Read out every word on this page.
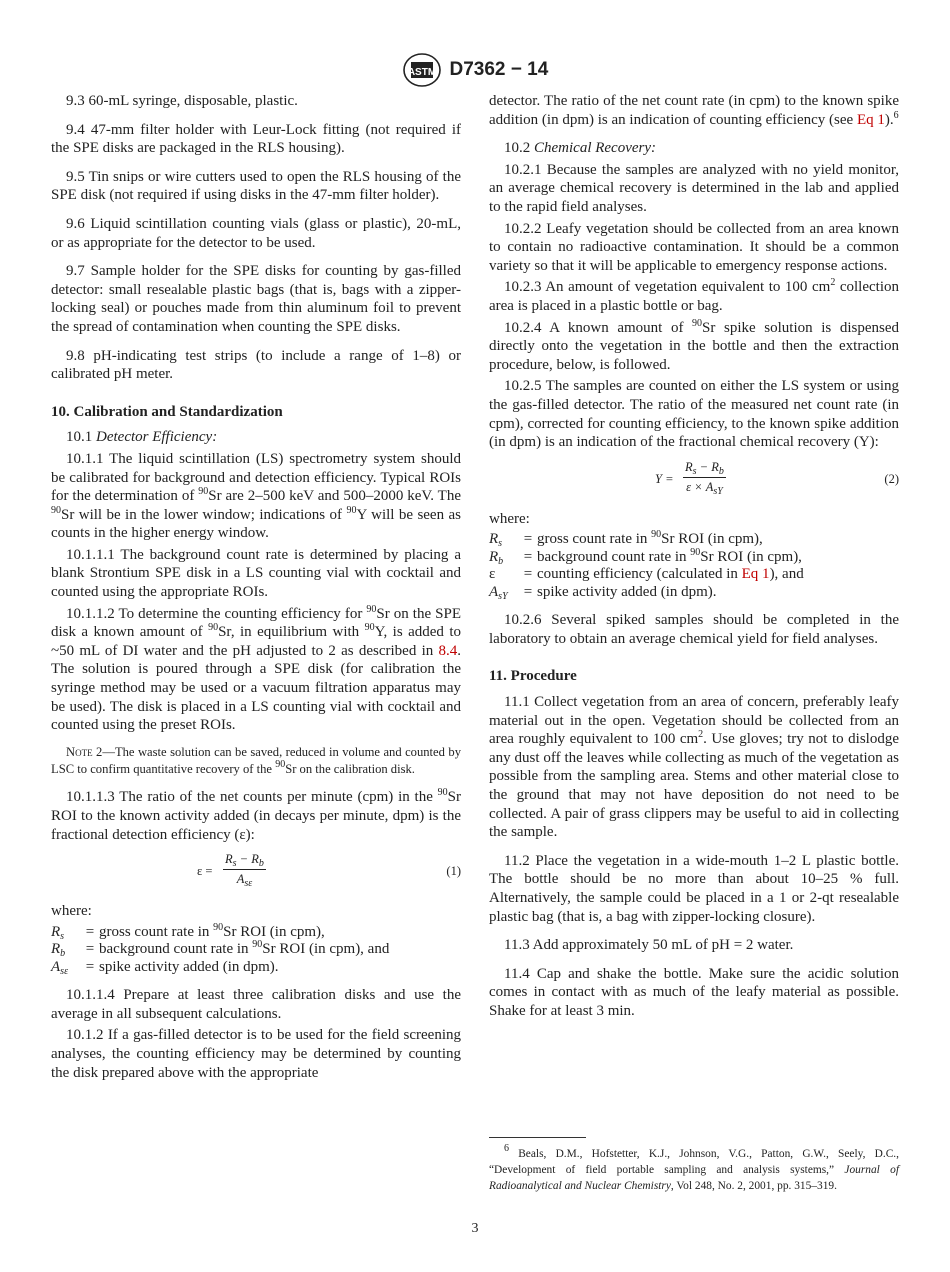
ASTM D7362 − 14

9.3 60-mL syringe, disposable, plastic.

9.4 47-mm filter holder with Leur-Lock fitting (not required if the SPE disks are packaged in the RLS housing).

9.5 Tin snips or wire cutters used to open the RLS housing of the SPE disk (not required if using disks in the 47-mm filter holder).

9.6 Liquid scintillation counting vials (glass or plastic), 20-mL, or as appropriate for the detector to be used.

9.7 Sample holder for the SPE disks for counting by gas-filled detector: small resealable plastic bags (that is, bags with a zipper-locking seal) or pouches made from thin aluminum foil to prevent the spread of contamination when counting the SPE disks.

9.8 pH-indicating test strips (to include a range of 1–8) or calibrated pH meter.

10. Calibration and Standardization

10.1 Detector Efficiency:

10.1.1 The liquid scintillation (LS) spectrometry system should be calibrated for background and detection efficiency. Typical ROIs for the determination of $^{90}$Sr are 2–500 keV and 500–2000 keV. The $^{90}$Sr will be in the lower window; indications of $^{90}$Y will be seen as counts in the higher energy window.

10.1.1.1 The background count rate is determined by placing a blank Strontium SPE disk in a LS counting vial with cocktail and counted using the appropriate ROIs.

10.1.1.2 To determine the counting efficiency for $^{90}$Sr on the SPE disk a known amount of $^{90}$Sr, in equilibrium with $^{90}$Y, is added to ~50 mL of DI water and the pH adjusted to 2 as described in 8.4. The solution is poured through a SPE disk (for calibration the syringe method may be used or a vacuum filtration apparatus may be used). The disk is placed in a LS counting vial with cocktail and counted using the preset ROIs.

Note 2—The waste solution can be saved, reduced in volume and counted by LSC to confirm quantitative recovery of the $^{90}$Sr on the calibration disk.

10.1.1.3 The ratio of the net counts per minute (cpm) in the $^{90}$Sr ROI to the known activity added (in decays per minute, dpm) is the fractional detection efficiency (ε):

ε =
$R_s - R_b$
$A_{s\varepsilon}$
(1)

where:

$R_s$	=	gross count rate in $^{90}$Sr ROI (in cpm),
$R_b$	=	background count rate in $^{90}$Sr ROI (in cpm), and
$A_{s\varepsilon}$	=	spike activity added (in dpm).

10.1.1.4 Prepare at least three calibration disks and use the average in all subsequent calculations.

10.1.2 If a gas-filled detector is to be used for the field screening analyses, the counting efficiency may be determined by counting the disk prepared above with the appropriate

detector. The ratio of the net count rate (in cpm) to the known spike addition (in dpm) is an indication of counting efficiency (see Eq 1).$^6$

10.2 Chemical Recovery:

10.2.1 Because the samples are analyzed with no yield monitor, an average chemical recovery is determined in the lab and applied to the rapid field analyses.

10.2.2 Leafy vegetation should be collected from an area known to contain no radioactive contamination. It should be a common variety so that it will be applicable to emergency response actions.

10.2.3 An amount of vegetation equivalent to 100 $cm^2$ collection area is placed in a plastic bottle or bag.

10.2.4 A known amount of $^{90}$Sr spike solution is dispensed directly onto the vegetation in the bottle and then the extraction procedure, below, is followed.

10.2.5 The samples are counted on either the LS system or using the gas-filled detector. The ratio of the measured net count rate (in cpm), corrected for counting efficiency, to the known spike addition (in dpm) is an indication of the fractional chemical recovery (Y):

Y =
$R_s - R_b$
$\varepsilon \times A_{sY}$
(2)

where:

$R_s$	=	gross count rate in $^{90}$Sr ROI (in cpm),
$R_b$	=	background count rate in $^{90}$Sr ROI (in cpm),
ε	=	counting efficiency (calculated in Eq 1), and
$A_{sY}$	=	spike activity added (in dpm).

10.2.6 Several spiked samples should be completed in the laboratory to obtain an average chemical yield for field analyses.

11. Procedure

11.1 Collect vegetation from an area of concern, preferably leafy material out in the open. Vegetation should be collected from an area roughly equivalent to 100 $cm^2$. Use gloves; try not to dislodge any dust off the leaves while collecting as much of the vegetation as possible from the sampling area. Stems and other material close to the ground that may not have deposition do not need to be collected. A pair of grass clippers may be useful to aid in collecting the sample.

11.2 Place the vegetation in a wide-mouth 1–2 L plastic bottle. The bottle should be no more than about 10–25 % full. Alternatively, the sample could be placed in a 1 or 2-qt resealable plastic bag (that is, a bag with zipper-locking closure).

11.3 Add approximately 50 mL of pH = 2 water.

11.4 Cap and shake the bottle. Make sure the acidic solution comes in contact with as much of the leafy material as possible. Shake for at least 3 min.

$^6$ Beals, D.M., Hofstetter, K.J., Johnson, V.G., Patton, G.W., Seely, D.C., “Development of field portable sampling and analysis systems,” Journal of Radioanalytical and Nuclear Chemistry, Vol 248, No. 2, 2001, pp. 315–319.

3
